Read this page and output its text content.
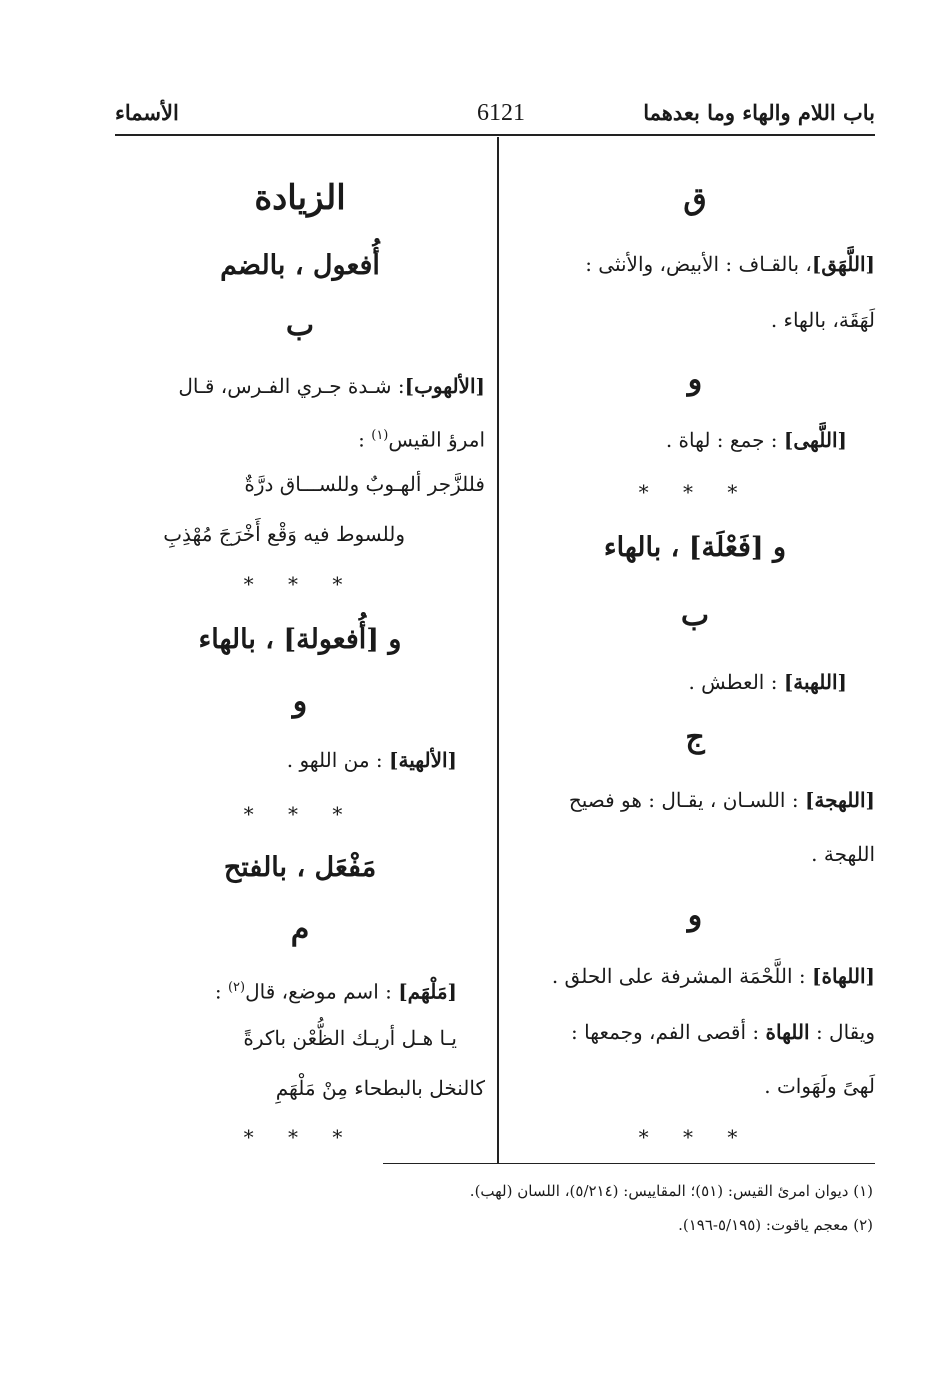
باب اللام والهاء وما بعدهما
6121
الأسماء
ق
[اللَّهَق]، بالقـاف : الأبيض، والأنثى :
لَهَقَة، بالهاء .
و
[اللَّهى] : جمع : لهاة .
* * *
و [فَعْلَة] ، بالهاء
ب
[اللهبة] : العطش .
ج
[اللهجة] : اللسـان ، يقـال : هو فصيح
اللهجة .
و
[اللهاة] : اللَّحْمَة المشرفة على الحلق .
ويقال : اللهاة : أقصى الفم، وجمعها :
لَهىً ولَهَوات .
* * *
الزيادة
أُفعول ، بالضم
ب
[الألهوب]: شـدة جـري الفـرس، قـال
امرؤ القيس$^{(١)}$ :
فللزَّجر ألهـوبٌ وللســـاق درَّةٌ
وللسوط فيه وَقْع أَخْرَجَ مُهْذِبِ
* * *
و [أُفعولة] ، بالهاء
و
[الألهية] : من اللهو .
* * *
مَفْعَل ، بالفتح
م
[مَلْهَم] : اسم موضع، قال$^{(٢)}$ :
يـا هـل أريـك الظُّعْن باكرةً
كالنخل بالبطحاء مِنْ مَلْهَمِ
* * *
(١) ديوان امرئ القيس: (٥١)؛ المقاييس: (٥/٢١٤)، اللسان (لهب).
(٢) معجم ياقوت: (٥/١٩٥-١٩٦).
